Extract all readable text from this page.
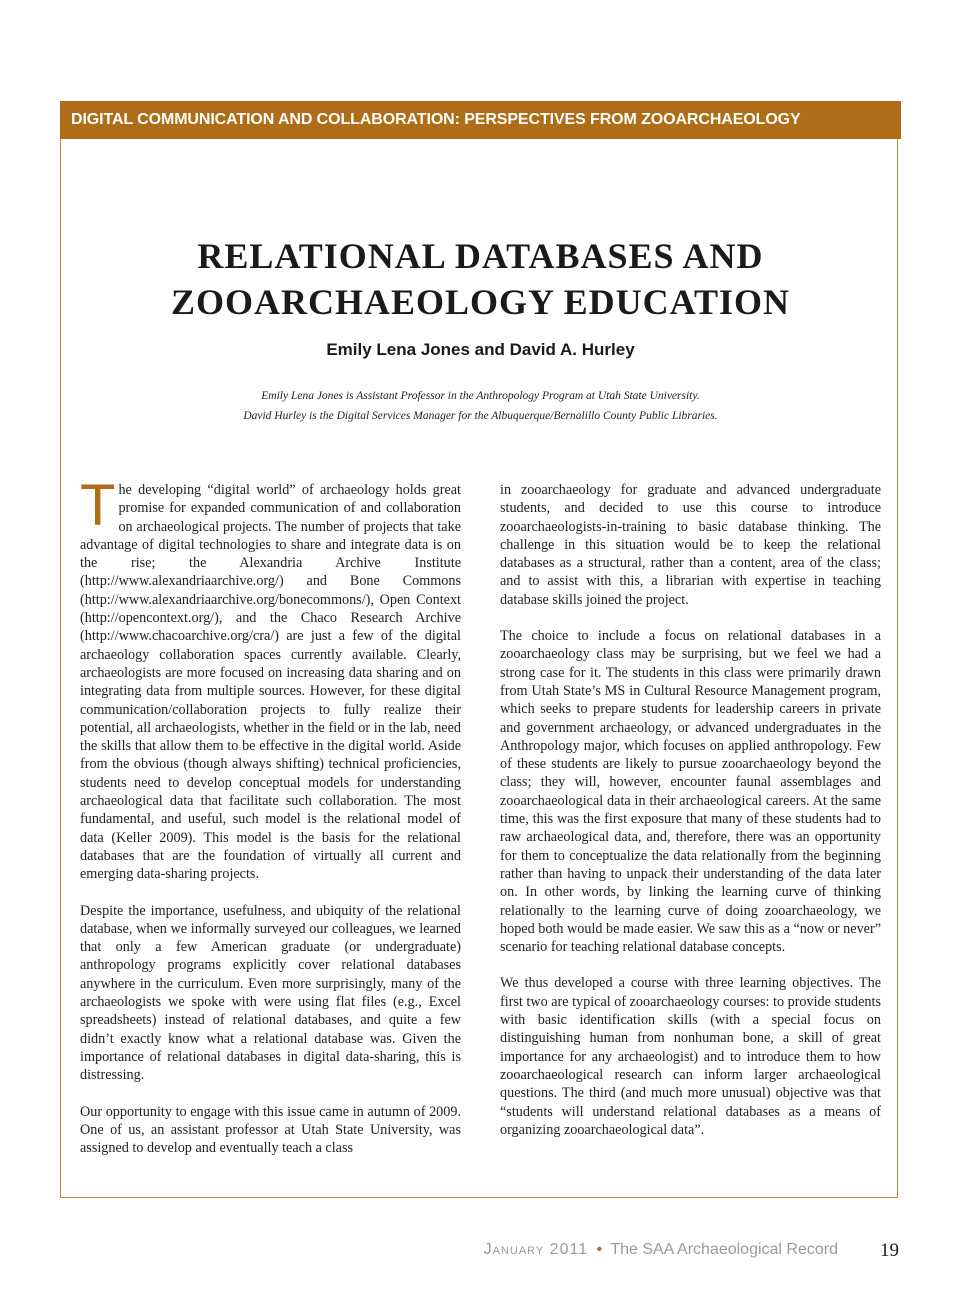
DIGITAL COMMUNICATION AND COLLABORATION: PERSPECTIVES FROM ZOOARCHAEOLOGY
RELATIONAL DATABASES AND
ZOOARCHAEOLOGY EDUCATION
Emily Lena Jones and David A. Hurley
Emily Lena Jones is Assistant Professor in the Anthropology Program at Utah State University.
David Hurley is the Digital Services Manager for the Albuquerque/Bernalillo County Public Libraries.

The developing “digital world” of archaeology holds great promise for expanded communication of and collaboration on archaeological projects. The number of projects that take advantage of digital technologies to share and integrate data is on the rise; the Alexandria Archive Institute (http://www.alexandriaarchive.org/) and Bone Commons (http://www.alexandriaarchive.org/bonecommons/), Open Context (http://opencontext.org/), and the Chaco Research Archive (http://www.chacoarchive.org/cra/) are just a few of the digital archaeology collaboration spaces currently available. Clearly, archaeologists are more focused on increasing data sharing and on integrating data from multiple sources. However, for these digital communication/collaboration projects to fully realize their potential, all archaeologists, whether in the field or in the lab, need the skills that allow them to be effective in the digital world. Aside from the obvious (though always shifting) technical proficiencies, students need to develop conceptual models for understanding archaeological data that facilitate such collaboration. The most fundamental, and useful, such model is the relational model of data (Keller 2009). This model is the basis for the relational databases that are the foundation of virtually all current and emerging data-sharing projects.

Despite the importance, usefulness, and ubiquity of the relational database, when we informally surveyed our colleagues, we learned that only a few American graduate (or undergraduate) anthropology programs explicitly cover relational databases anywhere in the curriculum. Even more surprisingly, many of the archaeologists we spoke with were using flat files (e.g., Excel spreadsheets) instead of relational databases, and quite a few didn’t exactly know what a relational database was. Given the importance of relational databases in digital data-sharing, this is distressing.

Our opportunity to engage with this issue came in autumn of 2009. One of us, an assistant professor at Utah State University, was assigned to develop and eventually teach a class

in zooarchaeology for graduate and advanced undergraduate students, and decided to use this course to introduce zooarchaeologists-in-training to basic database thinking. The challenge in this situation would be to keep the relational databases as a structural, rather than a content, area of the class; and to assist with this, a librarian with expertise in teaching database skills joined the project.

The choice to include a focus on relational databases in a zooarchaeology class may be surprising, but we feel we had a strong case for it. The students in this class were primarily drawn from Utah State’s MS in Cultural Resource Management program, which seeks to prepare students for leadership careers in private and government archaeology, or advanced undergraduates in the Anthropology major, which focuses on applied anthropology. Few of these students are likely to pursue zooarchaeology beyond the class; they will, however, encounter faunal assemblages and zooarchaeological data in their archaeological careers. At the same time, this was the first exposure that many of these students had to raw archaeological data, and, therefore, there was an opportunity for them to conceptualize the data relationally from the beginning rather than having to unpack their understanding of the data later on. In other words, by linking the learning curve of thinking relationally to the learning curve of doing zooarchaeology, we hoped both would be made easier. We saw this as a “now or never” scenario for teaching relational database concepts.

We thus developed a course with three learning objectives. The first two are typical of zooarchaeology courses: to provide students with basic identification skills (with a special focus on distinguishing human from nonhuman bone, a skill of great importance for any archaeologist) and to introduce them to how zooarchaeological research can inform larger archaeological questions. The third (and much more unusual) objective was that “students will understand relational databases as a means of organizing zooarchaeological data”.

January 2011 • The SAA Archaeological Record 19
